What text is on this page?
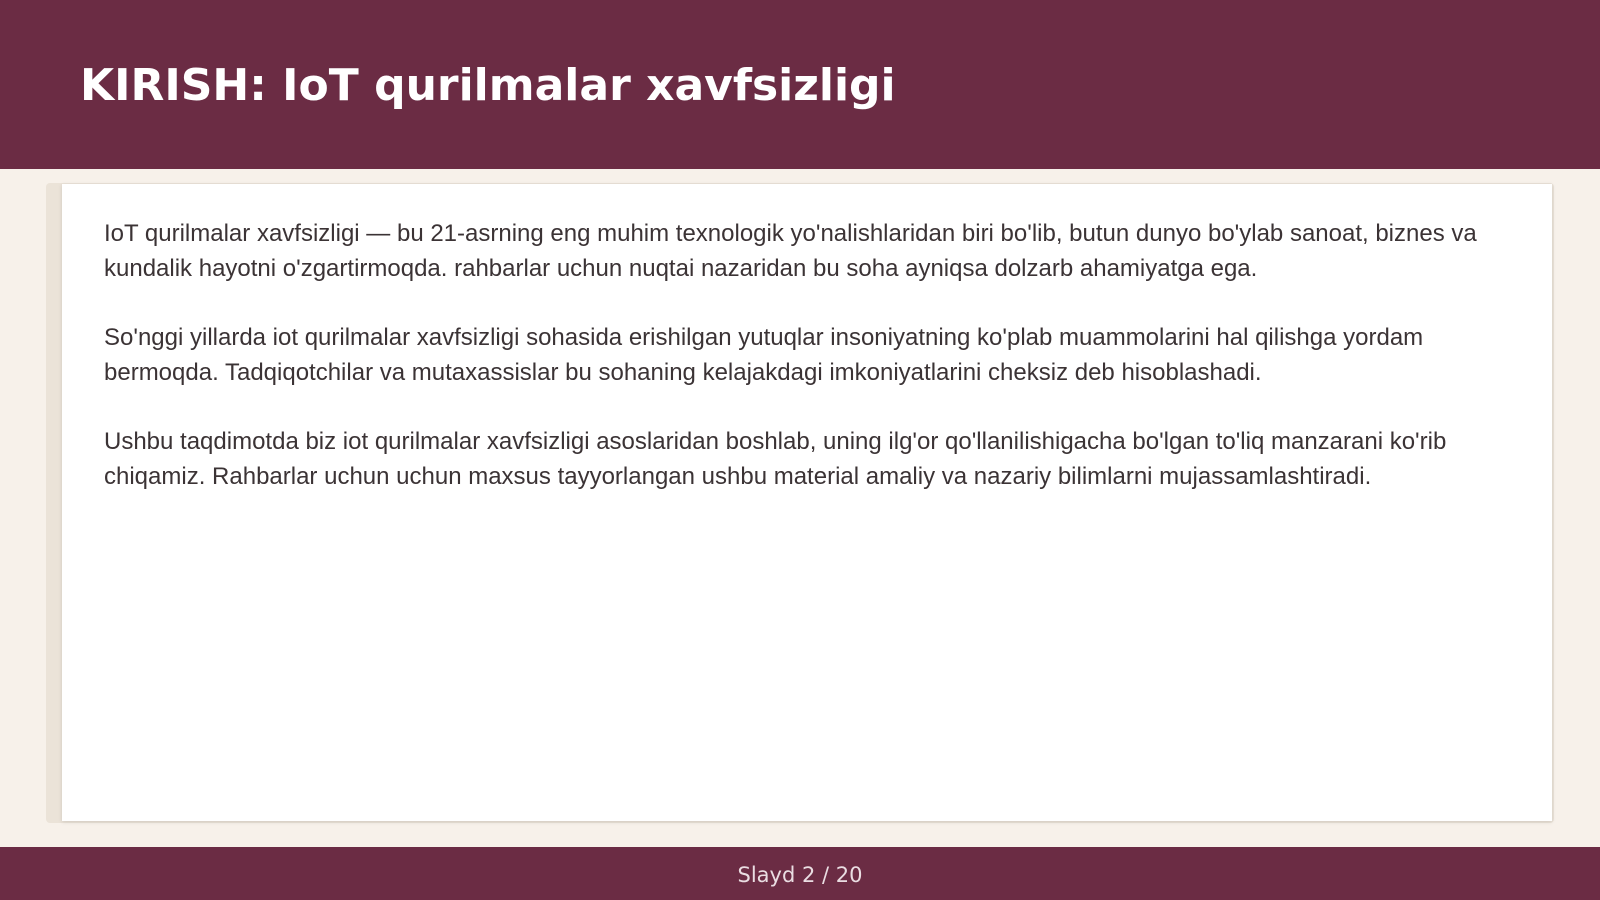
KIRISH: IoT qurilmalar xavfsizligi

IoT qurilmalar xavfsizligi — bu 21-asrning eng muhim texnologik yo'nalishlaridan biri bo'lib, butun dunyo bo'ylab sanoat, biznes va kundalik hayotni o'zgartirmoqda. rahbarlar uchun nuqtai nazaridan bu soha ayniqsa dolzarb ahamiyatga ega.

So'nggi yillarda iot qurilmalar xavfsizligi sohasida erishilgan yutuqlar insoniyatning ko'plab muammolarini hal qilishga yordam bermoqda. Tadqiqotchilar va mutaxassislar bu sohaning kelajakdagi imkoniyatlarini cheksiz deb hisoblashadi.

Ushbu taqdimotda biz iot qurilmalar xavfsizligi asoslaridan boshlab, uning ilg'or qo'llanilishigacha bo'lgan to'liq manzarani ko'rib chiqamiz. Rahbarlar uchun uchun maxsus tayyorlangan ushbu material amaliy va nazariy bilimlarni mujassamlashtiradi.

Slayd 2 / 20
